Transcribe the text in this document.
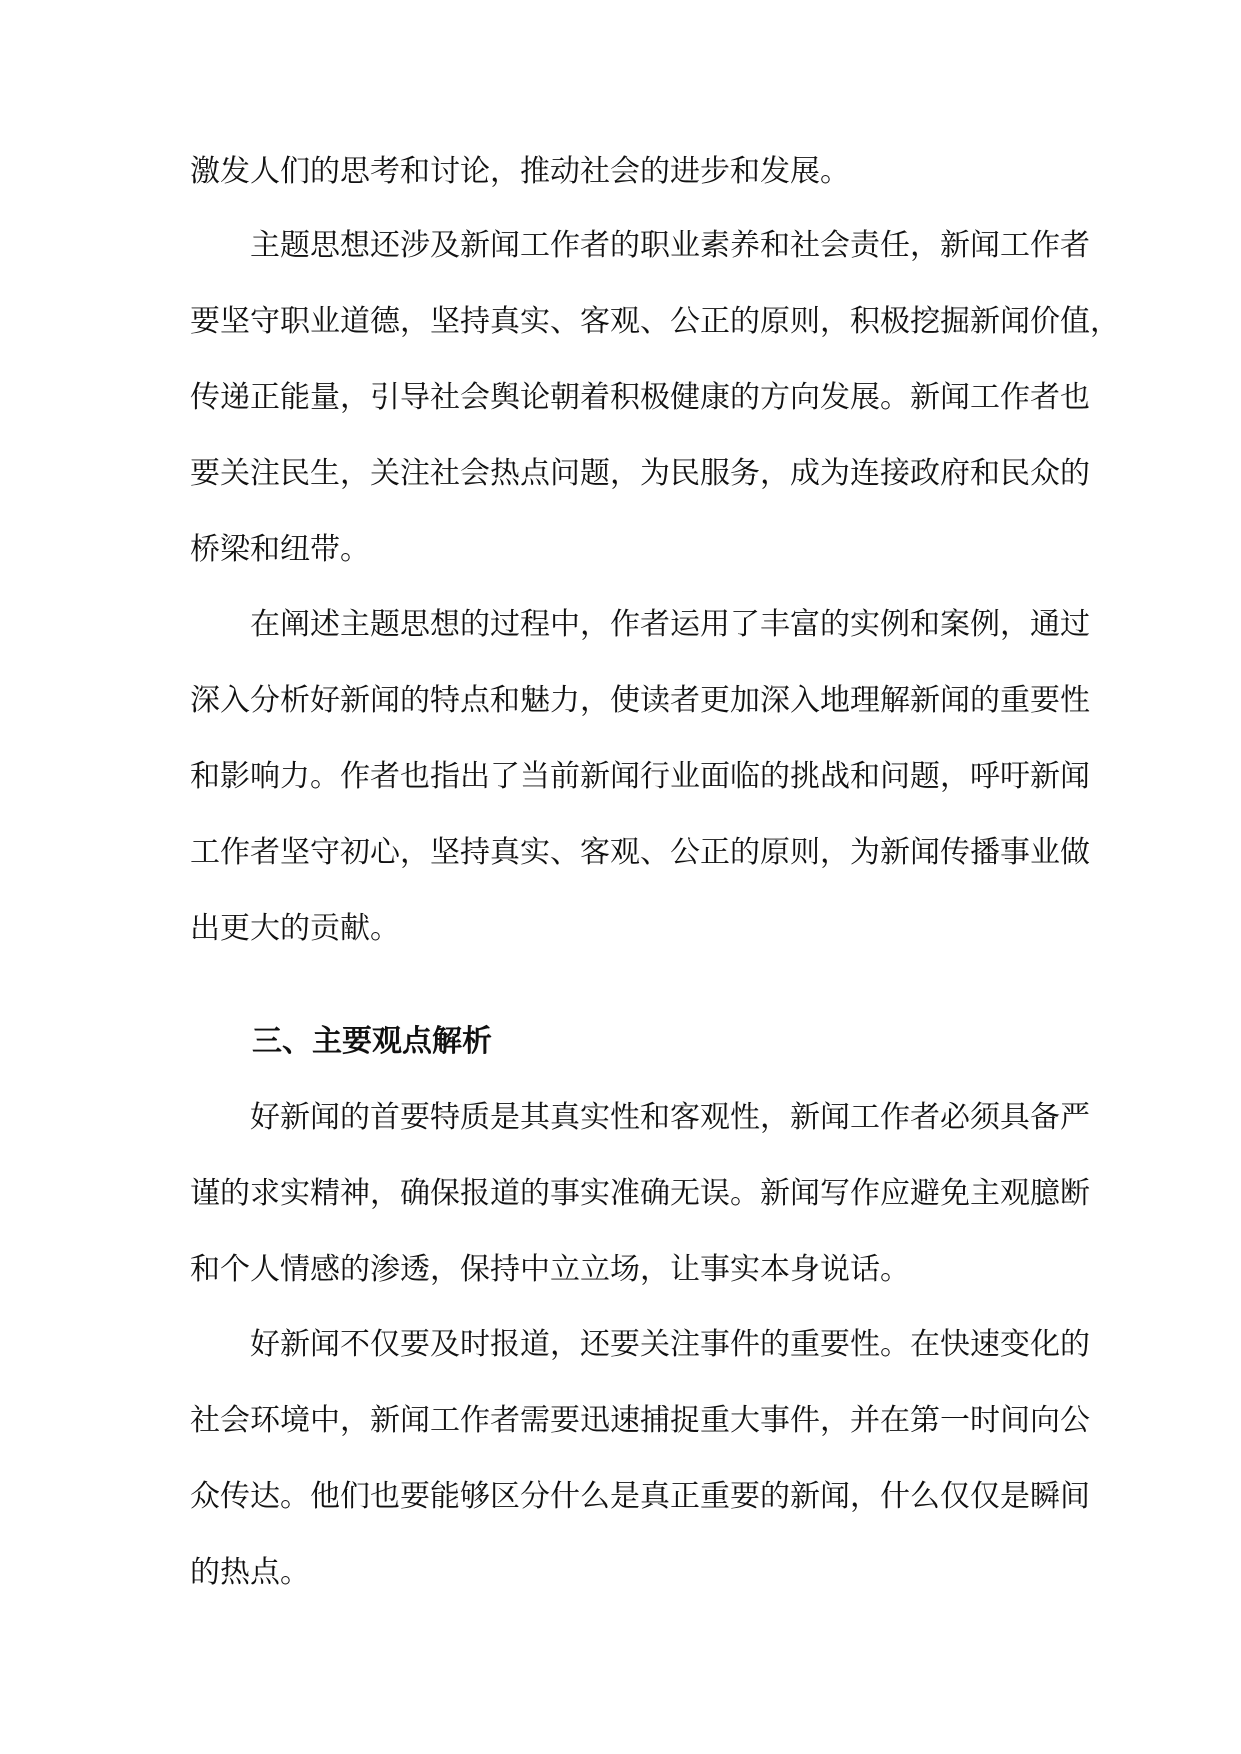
激发人们的思考和讨论，推动社会的进步和发展。
主题思想还涉及新闻工作者的职业素养和社会责任，新闻工作者
要坚守职业道德，坚持真实、客观、公正的原则，积极挖掘新闻价值，
传递正能量，引导社会舆论朝着积极健康的方向发展。新闻工作者也
要关注民生，关注社会热点问题，为民服务，成为连接政府和民众的
桥梁和纽带。
在阐述主题思想的过程中，作者运用了丰富的实例和案例，通过
深入分析好新闻的特点和魅力，使读者更加深入地理解新闻的重要性
和影响力。作者也指出了当前新闻行业面临的挑战和问题，呼吁新闻
工作者坚守初心，坚持真实、客观、公正的原则，为新闻传播事业做
出更大的贡献。
三、主要观点解析
好新闻的首要特质是其真实性和客观性，新闻工作者必须具备严
谨的求实精神，确保报道的事实准确无误。新闻写作应避免主观臆断
和个人情感的渗透，保持中立立场，让事实本身说话。
好新闻不仅要及时报道，还要关注事件的重要性。在快速变化的
社会环境中，新闻工作者需要迅速捕捉重大事件，并在第一时间向公
众传达。他们也要能够区分什么是真正重要的新闻，什么仅仅是瞬间
的热点。
